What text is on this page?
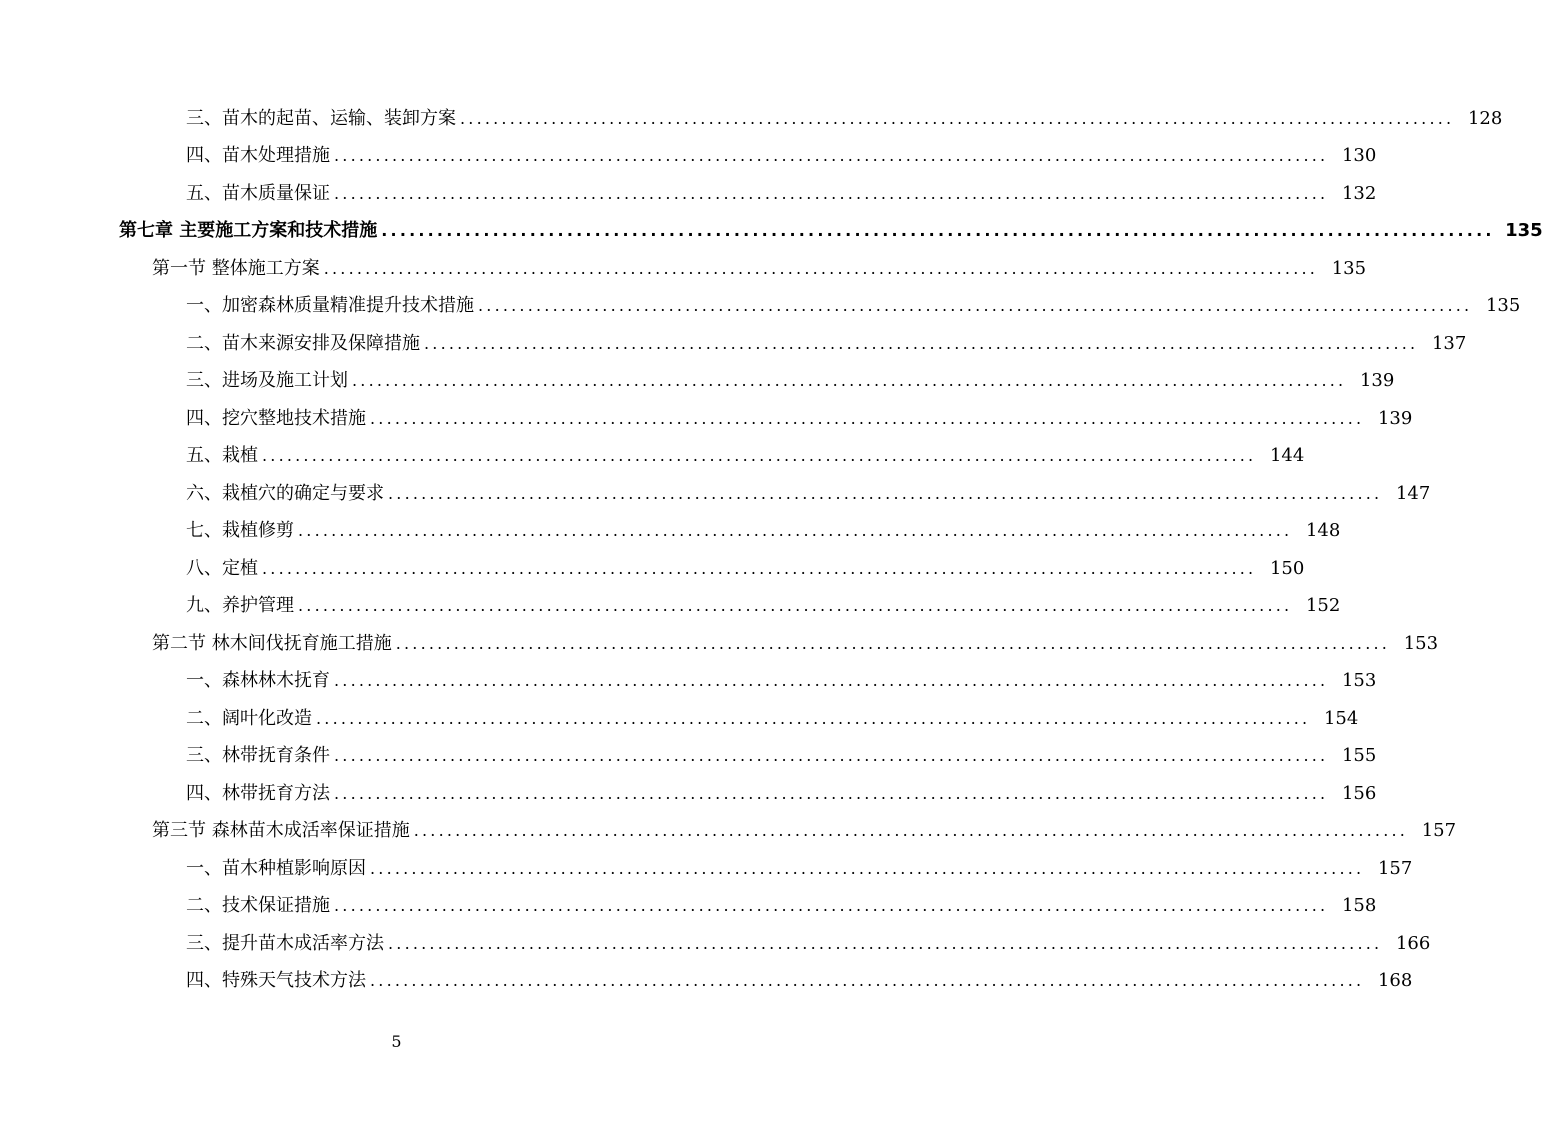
三、苗木的起苗、运输、装卸方案 ........................................................................................................................ 128
四、苗木处理措施 ........................................................................................................................ 130
五、苗木质量保证 ........................................................................................................................ 132
第七章 主要施工方案和技术措施 ........................................................................................................................ 135
第一节 整体施工方案 ........................................................................................................................ 135
一、加密森林质量精准提升技术措施 ........................................................................................................................ 135
二、苗木来源安排及保障措施 ........................................................................................................................ 137
三、进场及施工计划 ........................................................................................................................ 139
四、挖穴整地技术措施 ........................................................................................................................ 139
五、栽植 ........................................................................................................................ 144
六、栽植穴的确定与要求 ........................................................................................................................ 147
七、栽植修剪 ........................................................................................................................ 148
八、定植 ........................................................................................................................ 150
九、养护管理 ........................................................................................................................ 152
第二节 林木间伐抚育施工措施 ........................................................................................................................ 153
一、森林林木抚育 ........................................................................................................................ 153
二、阔叶化改造 ........................................................................................................................ 154
三、林带抚育条件 ........................................................................................................................ 155
四、林带抚育方法 ........................................................................................................................ 156
第三节 森林苗木成活率保证措施 ........................................................................................................................ 157
一、苗木种植影响原因 ........................................................................................................................ 157
二、技术保证措施 ........................................................................................................................ 158
三、提升苗木成活率方法 ........................................................................................................................ 166
四、特殊天气技术方法 ........................................................................................................................ 168
5
